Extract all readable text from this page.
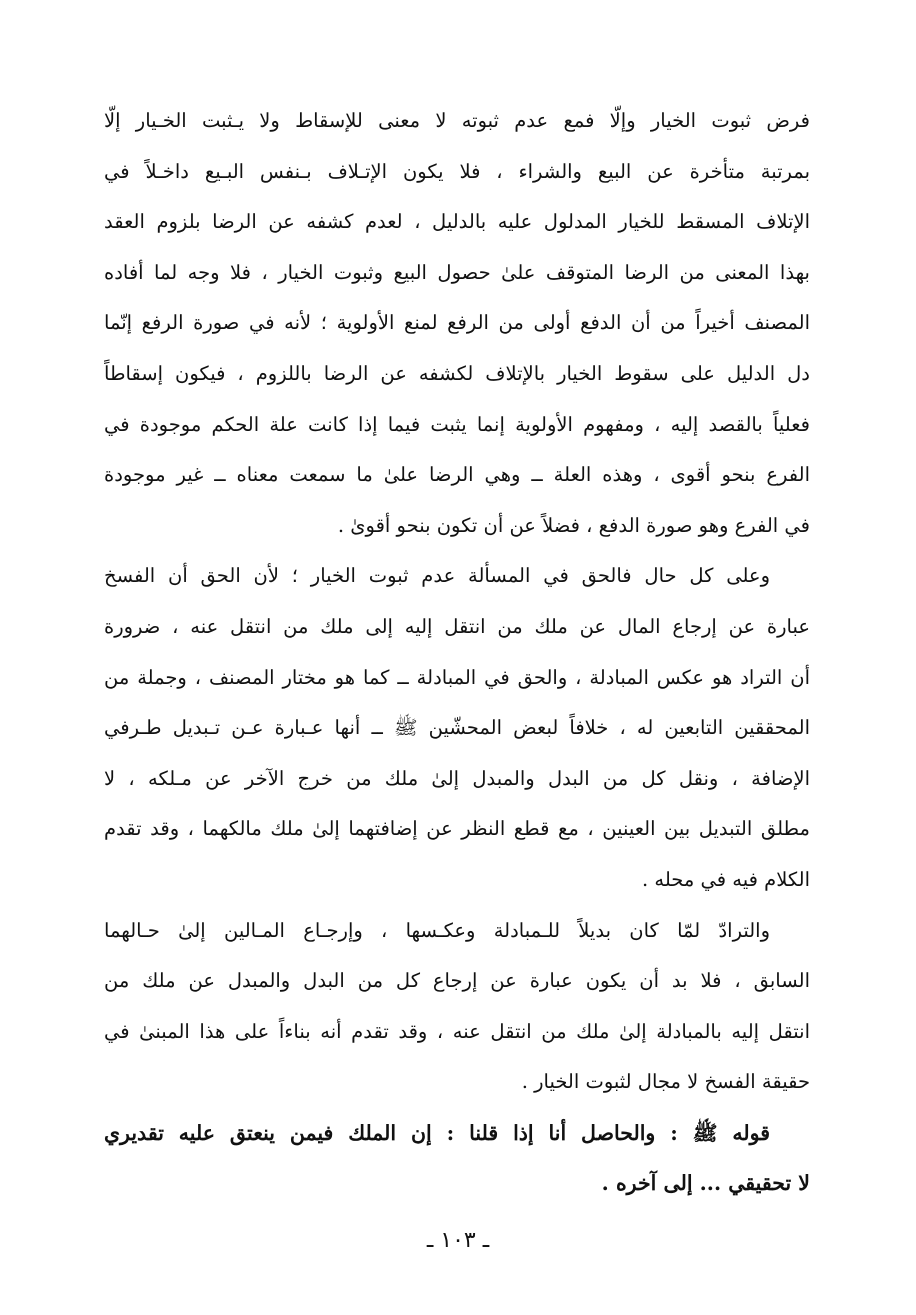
فرض ثبوت الخيار وإلّا فمع عدم ثبوته لا معنى للإسقاط ولا يـثبت الخـيار إلّا
بمرتبة متأخرة عن البيع والشراء ، فلا يكون الإتـلاف بـنفس البـيع داخـلاً في
الإتلاف المسقط للخيار المدلول عليه بالدليل ، لعدم كشفه عن الرضا بلزوم العقد
بهذا المعنى من الرضا المتوقف علىٰ حصول البيع وثبوت الخيار ، فلا وجه لما أفاده
المصنف أخيراً من أن الدفع أولى من الرفع لمنع الأولوية ؛ لأنه في صورة الرفع إنّما
دل الدليل على سقوط الخيار بالإتلاف لكشفه عن الرضا باللزوم ، فيكون إسقاطاً
فعلياً بالقصد إليه ، ومفهوم الأولوية إنما يثبت فيما إذا كانت علة الحكم موجودة في
الفرع بنحو أقوى ، وهذه العلة ــ وهي الرضا علىٰ ما سمعت معناه ــ غير موجودة
في الفرع وهو صورة الدفع ، فضلاً عن أن تكون بنحو أقوىٰ .
وعلى كل حال فالحق في المسألة عدم ثبوت الخيار ؛ لأن الحق أن الفسخ
عبارة عن إرجاع المال عن ملك من انتقل إليه إلى ملك من انتقل عنه ، ضرورة
أن التراد هو عكس المبادلة ، والحق في المبادلة ــ كما هو مختار المصنف ، وجملة من
المحققين التابعين له ، خلافاً لبعض المحشّين ﷺ ــ أنها عـبارة عـن تـبديل طـرفي
الإضافة ، ونقل كل من البدل والمبدل إلىٰ ملك من خرج الآخر عن مـلكه ، لا
مطلق التبديل بين العينين ، مع قطع النظر عن إضافتهما إلىٰ ملك مالكهما ، وقد تقدم
الكلام فيه في محله .
والترادّ لمّا كان بديلاً للـمبادلة وعكـسها ، وإرجـاع المـالين إلىٰ حـالهما
السابق ، فلا بد أن يكون عبارة عن إرجاع كل من البدل والمبدل عن ملك من
انتقل إليه بالمبادلة إلىٰ ملك من انتقل عنه ، وقد تقدم أنه بناءاً على هذا المبنىٰ في
حقيقة الفسخ لا مجال لثبوت الخيار .
قوله ﷺ : والحاصل أنا إذا قلنا : إن الملك فيمن ينعتق عليه تقديري
لا تحقيقي ... إلى آخره .
ـ ١٠٣ ـ
